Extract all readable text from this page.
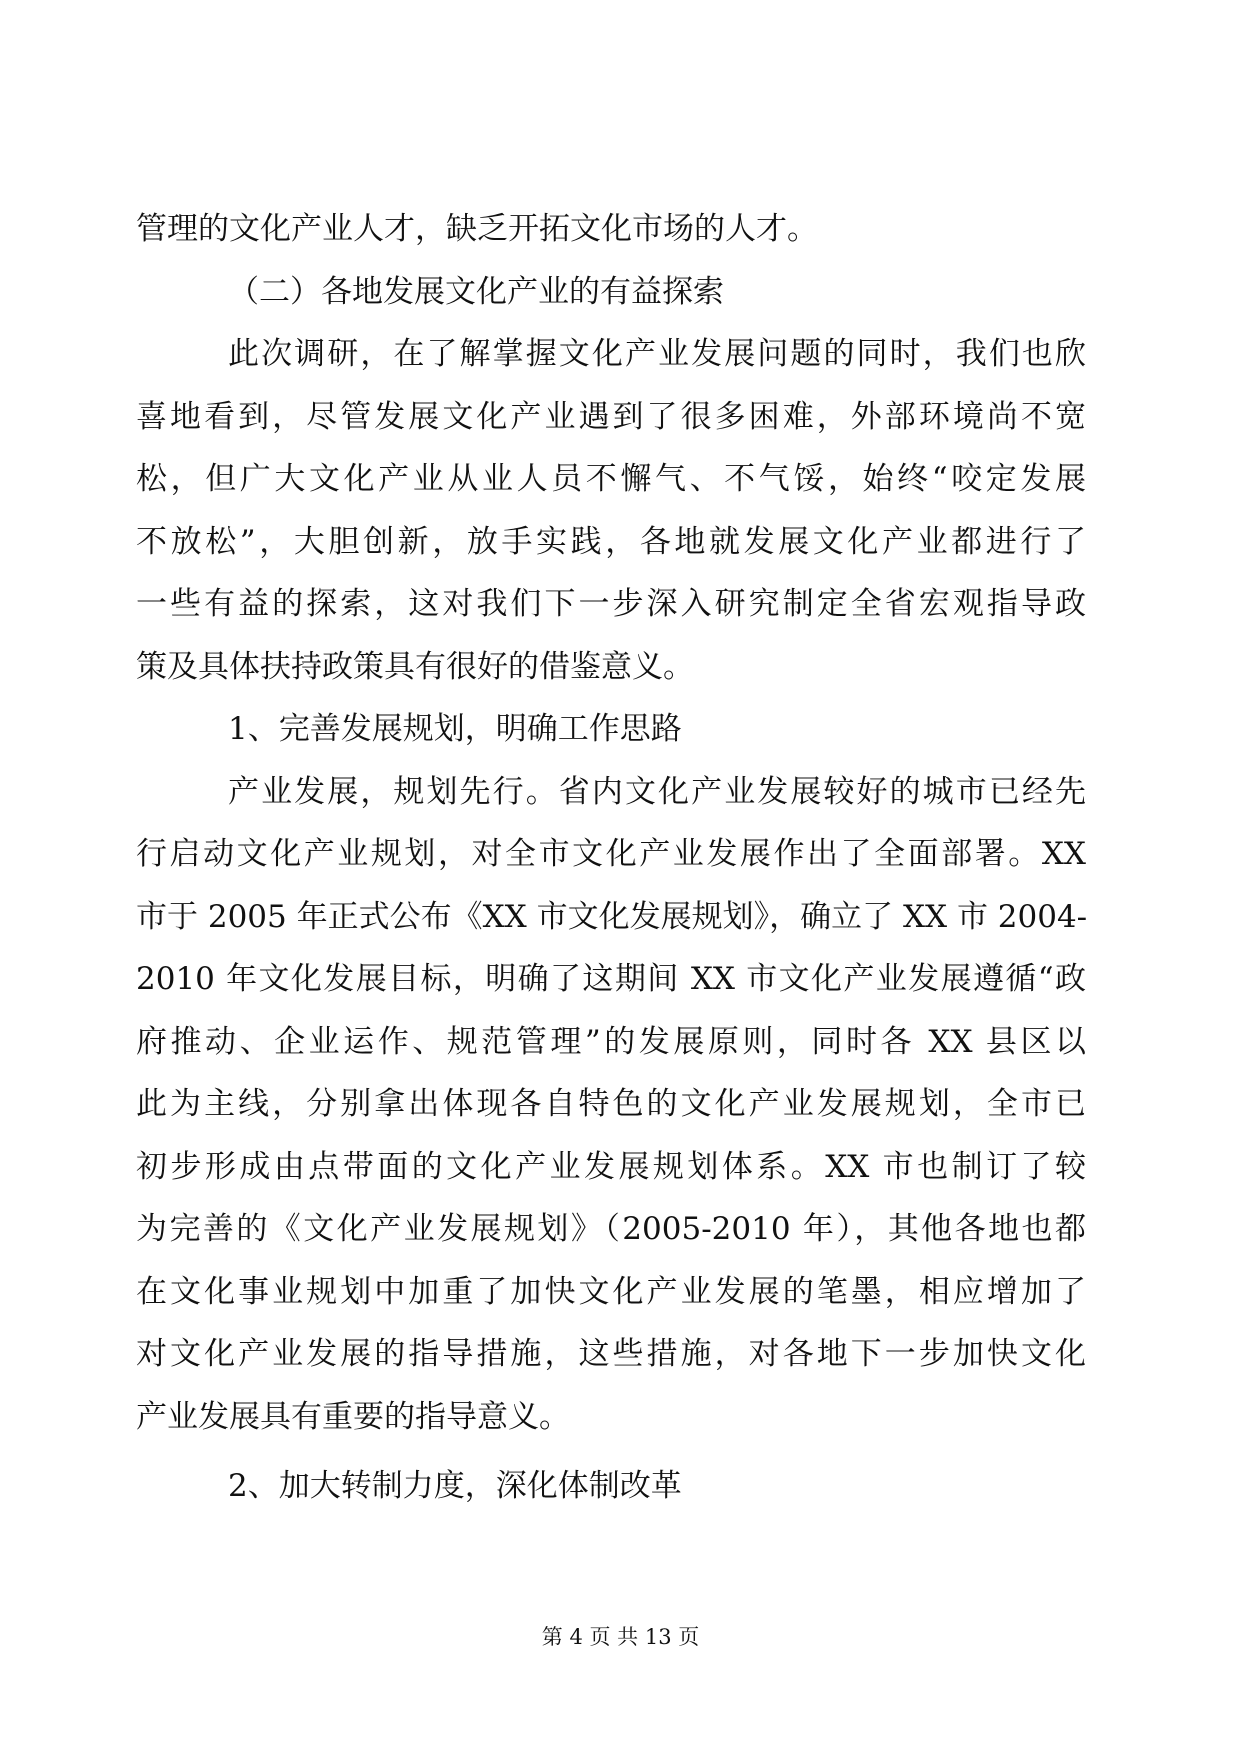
管理的文化产业人才，缺乏开拓文化市场的人才。
（二）各地发展文化产业的有益探索
此次调研，在了解掌握文化产业发展问题的同时，我们也欣
喜地看到，尽管发展文化产业遇到了很多困难，外部环境尚不宽
松，但广大文化产业从业人员不懈气、不气馁，始终“咬定发展
不放松”，大胆创新，放手实践，各地就发展文化产业都进行了
一些有益的探索，这对我们下一步深入研究制定全省宏观指导政
策及具体扶持政策具有很好的借鉴意义。
1、完善发展规划，明确工作思路
产业发展，规划先行。省内文化产业发展较好的城市已经先
行启动文化产业规划，对全市文化产业发展作出了全面部署。XX
市于 2005 年正式公布《XX 市文化发展规划》，确立了 XX 市 2004-
2010 年文化发展目标，明确了这期间 XX 市文化产业发展遵循“政
府推动、企业运作、规范管理”的发展原则，同时各 XX 县区以
此为主线，分别拿出体现各自特色的文化产业发展规划，全市已
初步形成由点带面的文化产业发展规划体系。XX 市也制订了较
为完善的《文化产业发展规划》（2005-2010 年），其他各地也都
在文化事业规划中加重了加快文化产业发展的笔墨，相应增加了
对文化产业发展的指导措施，这些措施，对各地下一步加快文化
产业发展具有重要的指导意义。
2、加大转制力度，深化体制改革
第 4 页 共 13 页
